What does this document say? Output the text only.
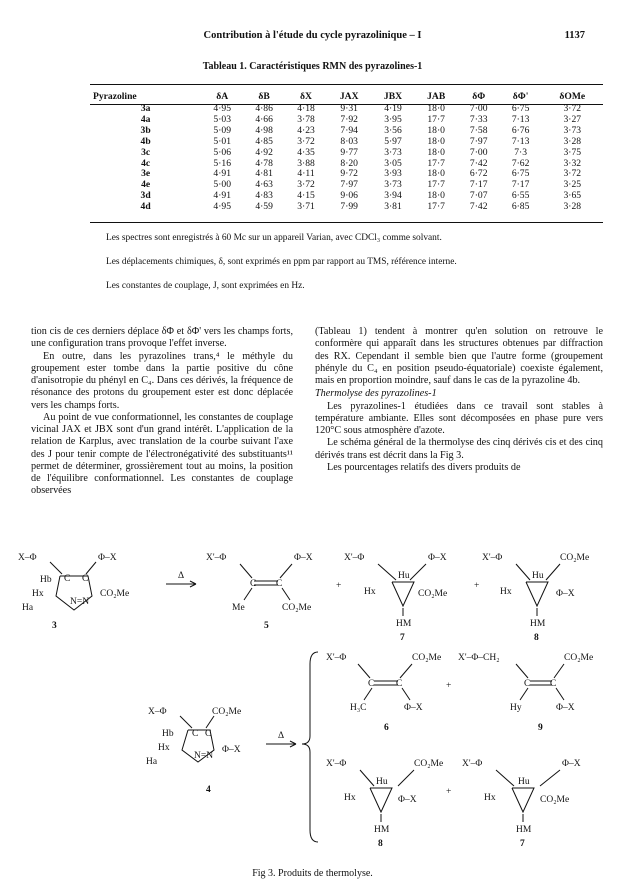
Contribution à l'étude du cycle pyrazolinique – I	1137
Tableau 1. Caractéristiques RMN des pyrazolines-1
Pyrazoline	δA	δB	δX	JAX	JBX	JAB	δΦ	δΦ'	δOMe
3a	4·95	4·86	4·18	9·31	4·19	18·0	7·00	6·75	3·72
4a	5·03	4·66	3·78	7·92	3·95	17·7	7·33	7·13	3·27
3b	5·09	4·98	4·23	7·94	3·56	18·0	7·58	6·76	3·73
4b	5·01	4·85	3·72	8·03	5·97	18·0	7·97	7·13	3·28
3c	5·06	4·92	4·35	9·77	3·73	18·0	7·00	7·3	3·75
4c	5·16	4·78	3·88	8·20	3·05	17·7	7·42	7·62	3·32
3e	4·91	4·81	4·11	9·72	3·93	18·0	6·72	6·75	3·72
4e	5·00	4·63	3·72	7·97	3·73	17·7	7·17	7·17	3·25
3d	4·91	4·83	4·15	9·06	3·94	18·0	7·07	6·55	3·65
4d	4·95	4·59	3·71	7·99	3·81	17·7	7·42	6·85	3·28
Les spectres sont enregistrés à 60 Mc sur un appareil Varian, avec CDCl₃ comme solvant.
Les déplacements chimiques, δ, sont exprimés en ppm par rapport au TMS, référence interne.
Les constantes de couplage, J, sont exprimées en Hz.

tion cis de ces derniers déplace δΦ et δΦ' vers les champs forts, une configuration trans provoque l'effet inverse.

En outre, dans les pyrazolines trans,⁴ le méthyle du groupement ester tombe dans la partie positive du cône d'anisotropie du phényl en C₄. Dans ces dérivés, la fréquence de résonance des protons du groupement ester est donc déplacée vers les champs forts.

Au point de vue conformationnel, les constantes de couplage vicinal JAX et JBX sont d'un grand intérêt. L'application de la relation de Karplus, avec translation de la courbe suivant l'axe des J pour tenir compte de l'électronégativité des substituants¹¹ permet de déterminer, grossièrement tout au moins, la position de l'équilibre conformationnel. Les constantes de couplage observées

(Tableau 1) tendent à montrer qu'en solution on retrouve le conformère qui apparaît dans les structures obtenues par diffraction des RX. Cependant il semble bien que l'autre forme (groupement phényle du C₄ en position pseudo-équatoriale) coexiste également, mais en proportion moindre, sauf dans le cas de la pyrazoline 4b.

Thermolyse des pyrazolines-1

Les pyrazolines-1 étudiées dans ce travail sont stables à température ambiante. Elles sont décomposées en phase pure vers 120°C sous atmosphère d'azote.

Le schéma général de la thermolyse des cinq dérivés cis et des cinq dérivés trans est décrit dans la Fig 3.

Les pourcentages relatifs des divers produits de

X–Φ	Φ–X
C C
Hb
Hx
Ha
N=N
CO₂Me
3
Δ
X'–Φ	Φ–X
C C
Me	CO₂Me
5
+
X'–Φ	Φ–X
Hu
Hx	CO₂Me
HM
7
+
X'–Φ	CO₂Me
Hu
Hx	Φ–X
HM
8
X–Φ	CO₂Me
C C
Hb
Hx
Ha
N=N
Φ–X
4
Δ
X'–Φ	CO₂Me
C C
H₃C	Φ–X
6
+
X'–Φ–CH₂	CO₂Me
C C
Hy	Φ–X
9
X'–Φ	CO₂Me
Hu
Hx	Φ–X
HM
8
+
X'–Φ	Φ–X
Hu
Hx	CO₂Me
HM
7
Fig 3. Produits de thermolyse.
